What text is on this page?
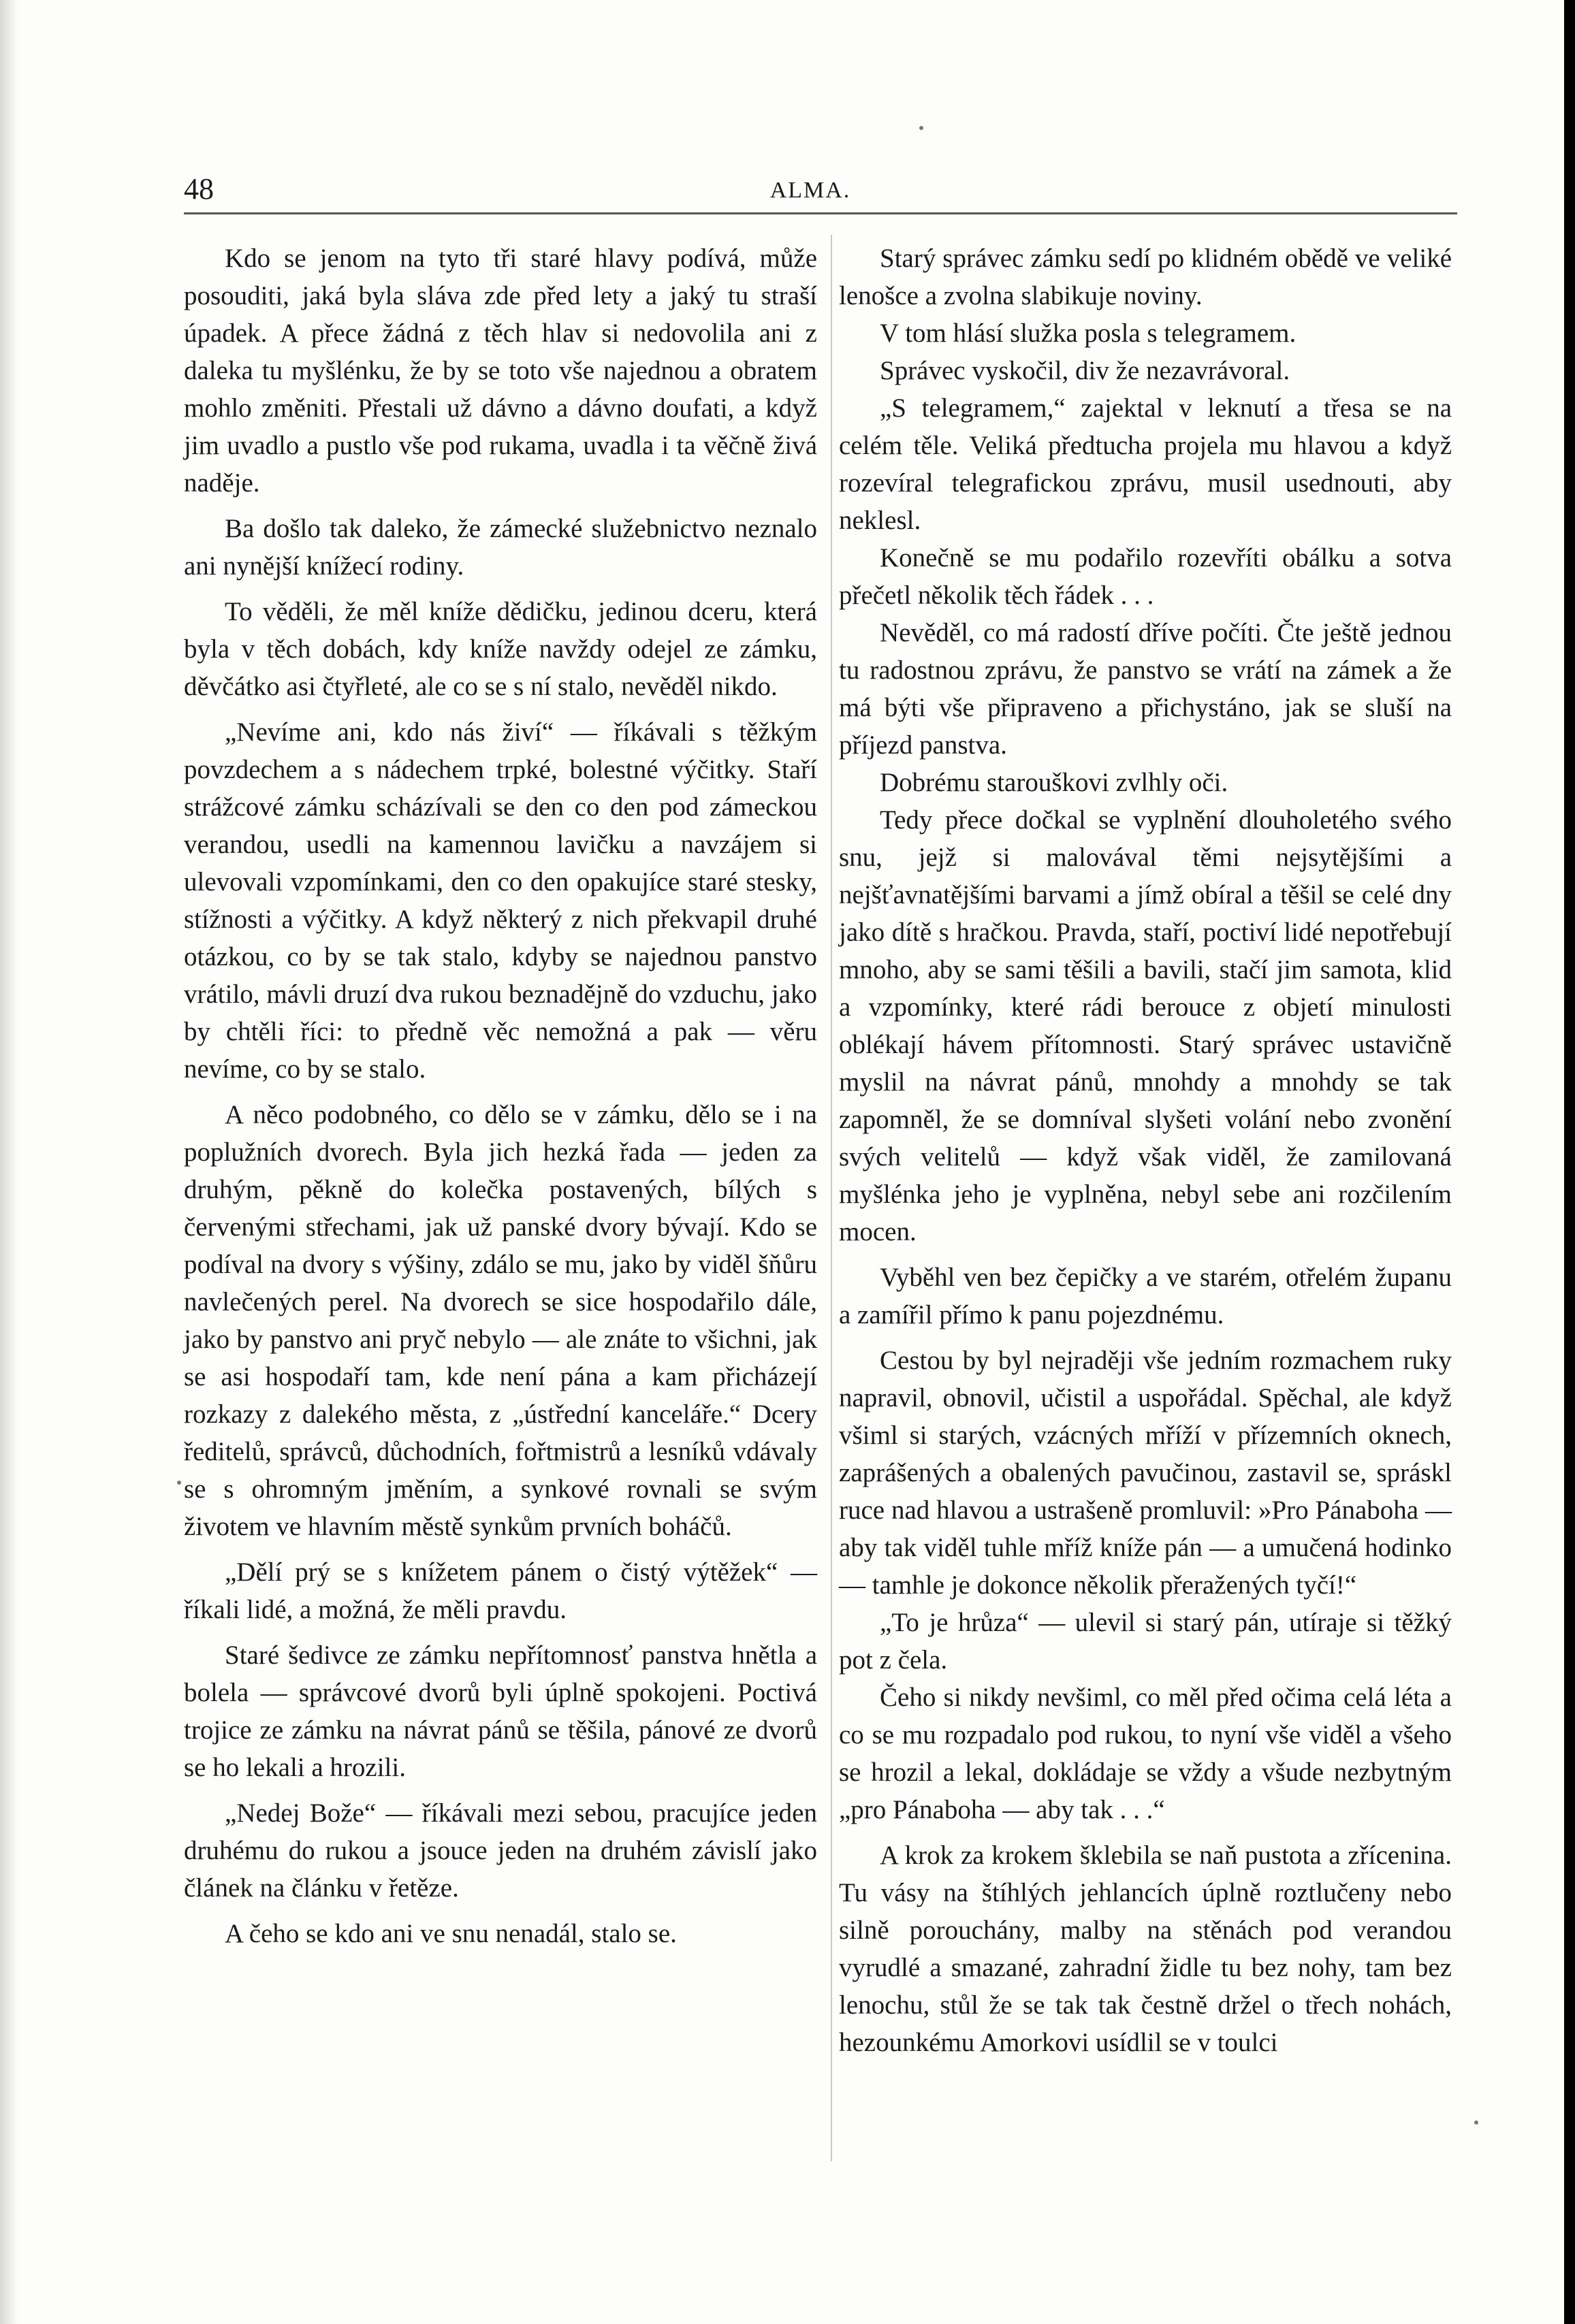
48	ALMA.

Kdo se jenom na tyto tři staré hlavy podívá, může posouditi, jaká byla sláva zde před lety a jaký tu straší úpadek. A přece žádná z těch hlav si nedovolila ani z daleka tu myšlénku, že by se toto vše najednou a obratem mohlo změniti. Přestali už dávno a dávno doufati, a když jim uvadlo a pustlo vše pod rukama, uvadla i ta věčně živá naděje.

Ba došlo tak daleko, že zámecké služebnictvo neznalo ani nynější knížecí rodiny.

To věděli, že měl kníže dědičku, jedinou dceru, která byla v těch dobách, kdy kníže navždy odejel ze zámku, děvčátko asi čtyřleté, ale co se s ní stalo, nevěděl nikdo.

„Nevíme ani, kdo nás živí“ — říkávali s těžkým povzdechem a s nádechem trpké, bolestné výčitky. Staří strážcové zámku scházívali se den co den pod zámeckou verandou, usedli na kamennou lavičku a navzájem si ulevovali vzpomínkami, den co den opakujíce staré stesky, stížnosti a výčitky. A když některý z nich překvapil druhé otázkou, co by se tak stalo, kdyby se najednou panstvo vrátilo, mávli druzí dva rukou beznadějně do vzduchu, jako by chtěli říci: to předně věc nemožná a pak — věru nevíme, co by se stalo.

A něco podobného, co dělo se v zámku, dělo se i na poplužních dvorech. Byla jich hezká řada — jeden za druhým, pěkně do kolečka postavených, bílých s červenými střechami, jak už panské dvory bývají. Kdo se podíval na dvory s výšiny, zdálo se mu, jako by viděl šňůru navlečených perel. Na dvorech se sice hospodařilo dále, jako by panstvo ani pryč nebylo — ale znáte to všichni, jak se asi hospodaří tam, kde není pána a kam přicházejí rozkazy z dalekého města, z „ústřední kanceláře.“ Dcery ředitelů, správců, důchodních, fořtmistrů a lesníků vdávaly se s ohromným jměním, a synkové rovnali se svým životem ve hlavním městě synkům prvních boháčů.

„Dělí prý se s knížetem pánem o čistý výtěžek“ — říkali lidé, a možná, že měli pravdu.

Staré šedivce ze zámku nepřítomnosť panstva hnětla a bolela — správcové dvorů byli úplně spokojeni. Poctivá trojice ze zámku na návrat pánů se těšila, pánové ze dvorů se ho lekali a hrozili.

„Nedej Bože“ — říkávali mezi sebou, pracujíce jeden druhému do rukou a jsouce jeden na druhém závislí jako článek na článku v řetěze.

A čeho se kdo ani ve snu nenadál, stalo se.

Starý správec zámku sedí po klidném obědě ve veliké lenošce a zvolna slabikuje noviny.

V tom hlásí služka posla s telegramem.

Správec vyskočil, div že nezavrávoral.

„S telegramem,“ zajektal v leknutí a třesa se na celém těle. Veliká předtucha projela mu hlavou a když rozevíral telegrafickou zprávu, musil usednouti, aby neklesl.

Konečně se mu podařilo rozevříti obálku a sotva přečetl několik těch řádek . . .

Nevěděl, co má radostí dříve počíti. Čte ještě jednou tu radostnou zprávu, že panstvo se vrátí na zámek a že má býti vše připraveno a přichystáno, jak se sluší na příjezd panstva.

Dobrému starouškovi zvlhly oči.

Tedy přece dočkal se vyplnění dlouholetého svého snu, jejž si malovával těmi nejsytějšími a nejšťavnatějšími barvami a jímž obíral a těšil se celé dny jako dítě s hračkou. Pravda, staří, poctiví lidé nepotřebují mnoho, aby se sami těšili a bavili, stačí jim samota, klid a vzpomínky, které rádi berouce z objetí minulosti oblékají hávem přítomnosti. Starý správec ustavičně myslil na návrat pánů, mnohdy a mnohdy se tak zapomněl, že se domníval slyšeti volání nebo zvonění svých velitelů — když však viděl, že zamilovaná myšlénka jeho je vyplněna, nebyl sebe ani rozčilením mocen.

Vyběhl ven bez čepičky a ve starém, otřelém županu a zamířil přímo k panu pojezdnému.

Cestou by byl nejraději vše jedním rozmachem ruky napravil, obnovil, učistil a uspořádal. Spěchal, ale když všiml si starých, vzácných mříží v přízemních oknech, zaprášených a obalených pavučinou, zastavil se, spráskl ruce nad hlavou a ustrašeně promluvil: »Pro Pánaboha — aby tak viděl tuhle mříž kníže pán — a umučená hodinko — tamhle je dokonce několik přeražených tyčí!“

„To je hrůza“ — ulevil si starý pán, utíraje si těžký pot z čela.

Čeho si nikdy nevšiml, co měl před očima celá léta a co se mu rozpadalo pod rukou, to nyní vše viděl a všeho se hrozil a lekal, dokládaje se vždy a všude nezbytným „pro Pánaboha — aby tak . . .“

A krok za krokem šklebila se naň pustota a zřícenina. Tu vásy na štíhlých jehlancích úplně roztlučeny nebo silně porouchány, malby na stěnách pod verandou vyrudlé a smazané, zahradní židle tu bez nohy, tam bez lenochu, stůl že se tak tak čestně držel o třech nohách, hezounkému Amorkovi usídlil se v toulci
